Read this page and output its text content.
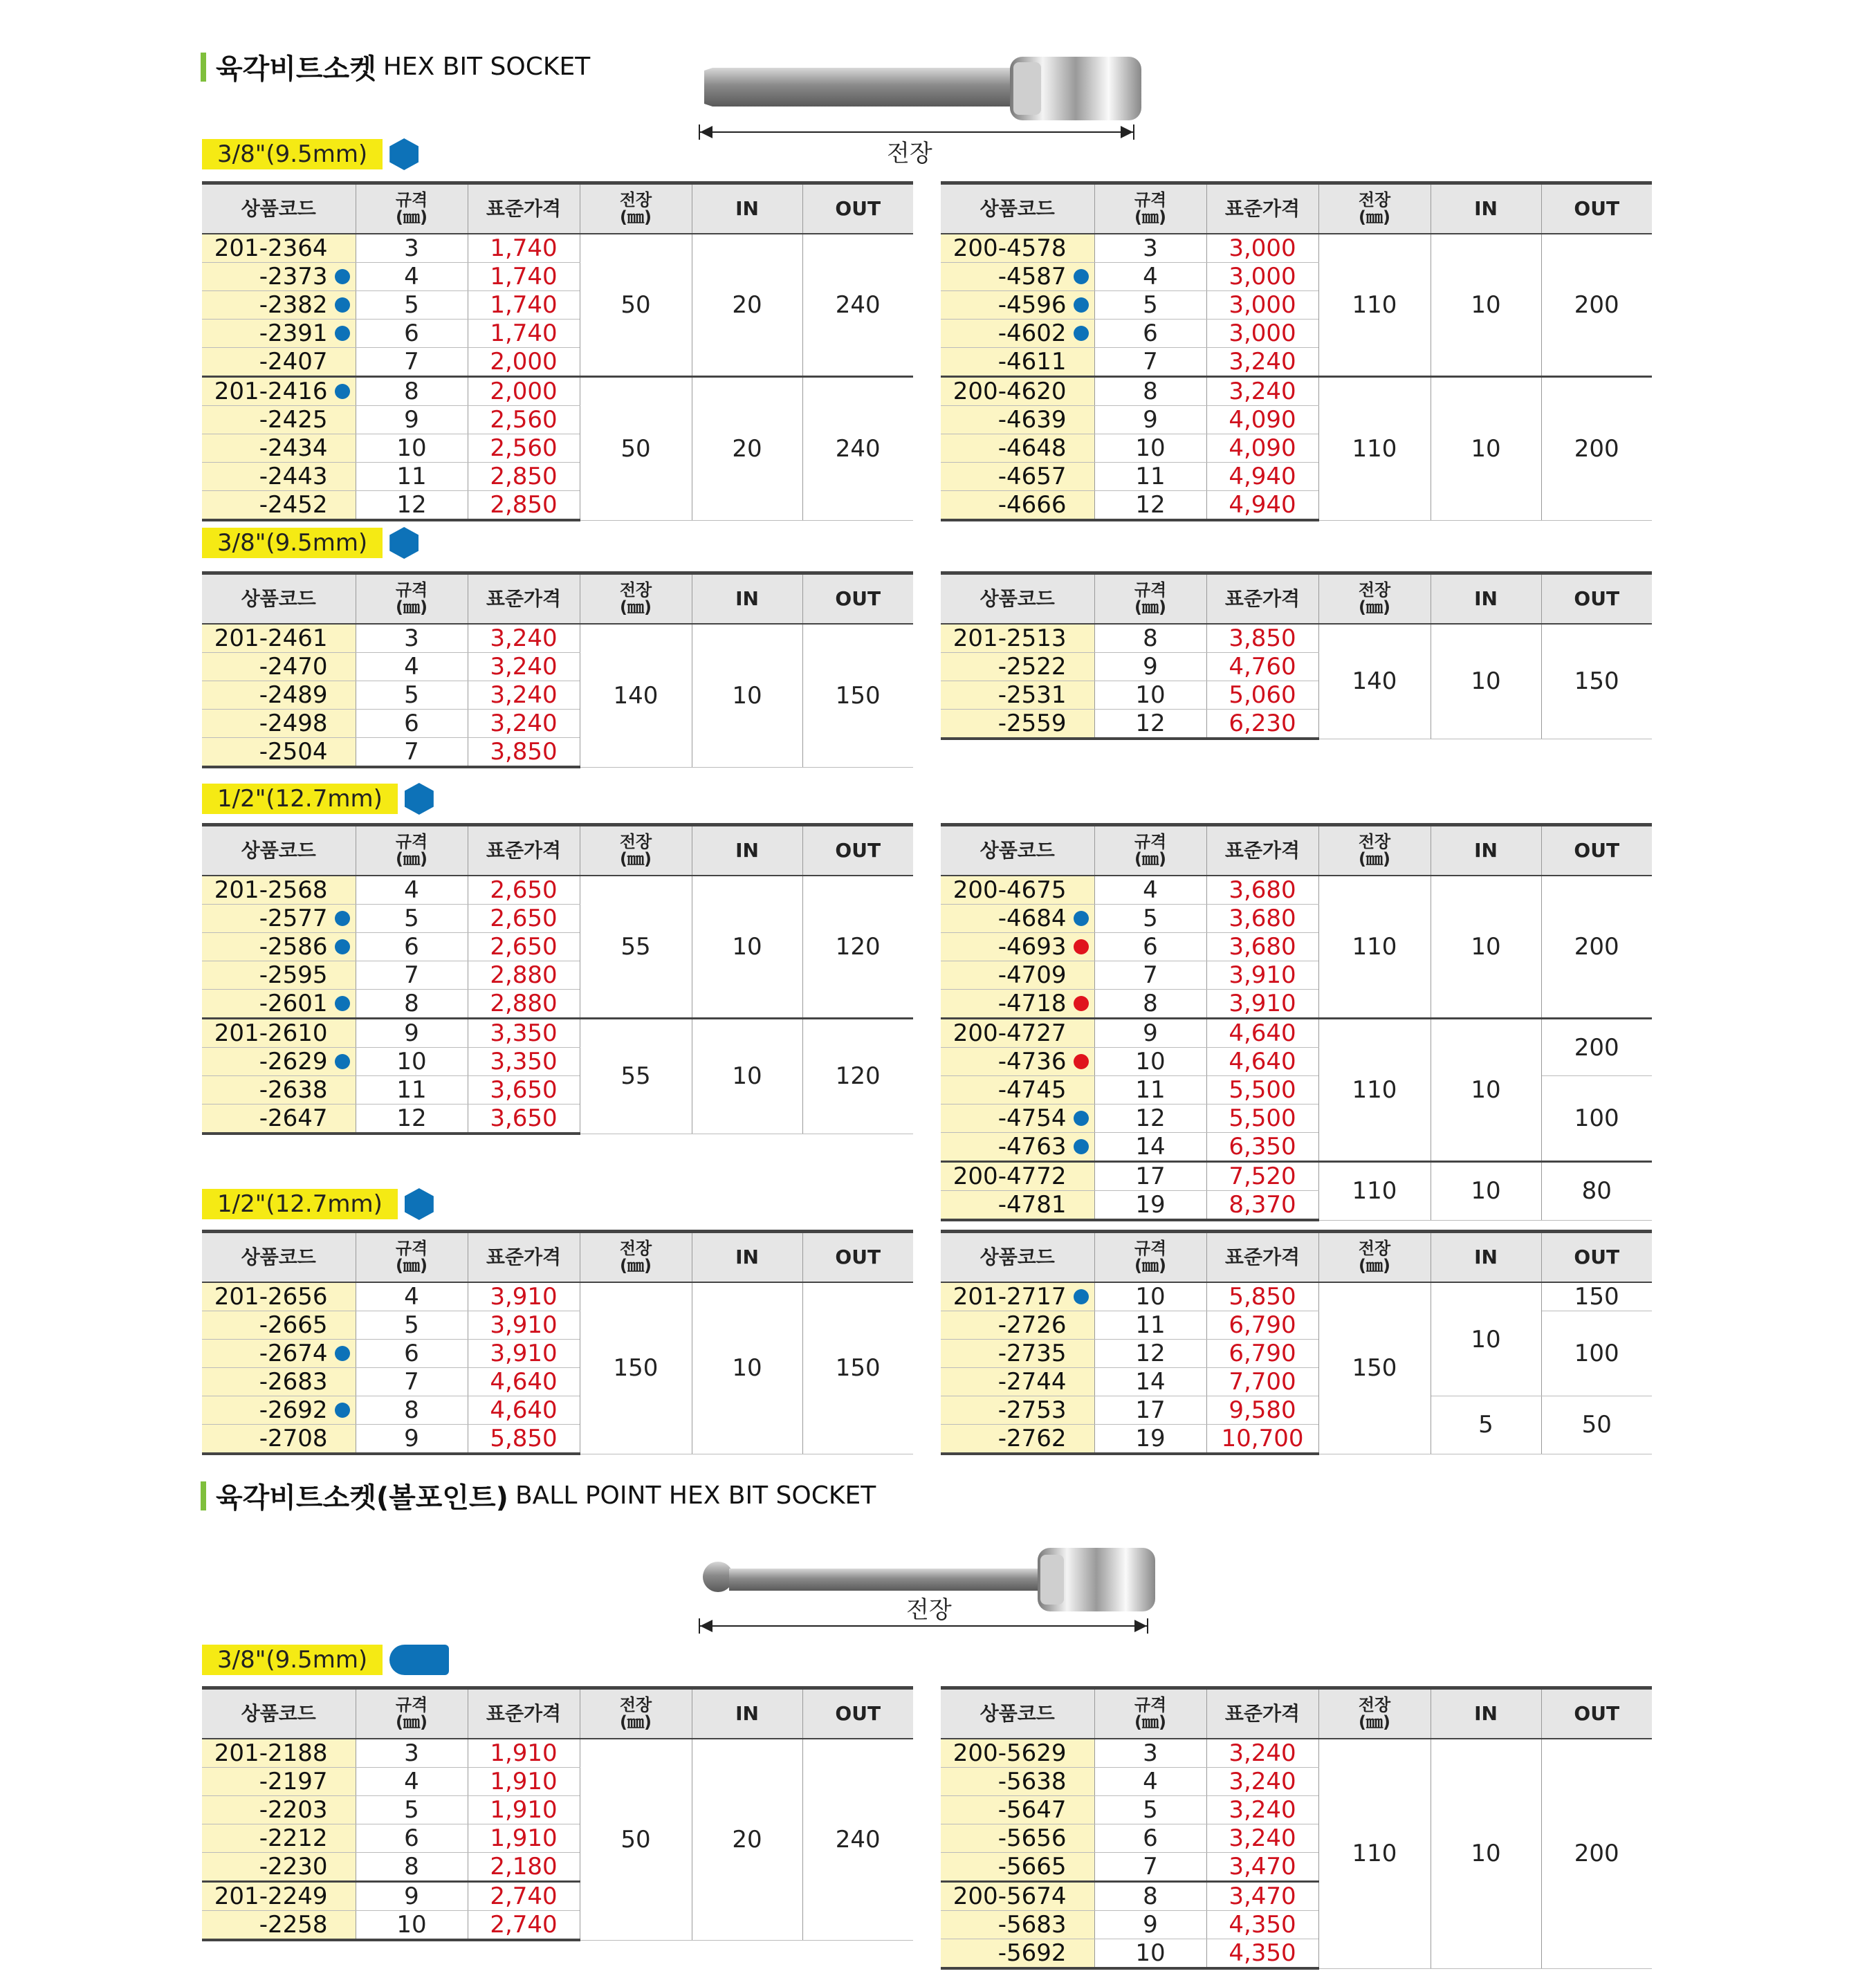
육각비트소켓 HEX BIT SOCKET
전장
3/8"(9.5mm)
상품코드	규격
(㎜)	표준가격	전장
(㎜)	IN	OUT
201-2364	3	1,740	50	20	240
-2373	4	1,740			
-2382	5	1,740			
-2391	6	1,740			
-2407	7	2,000			
201-2416	8	2,000	50	20	240
-2425	9	2,560			
-2434	10	2,560			
-2443	11	2,850			
-2452	12	2,850			
상품코드	규격
(㎜)	표준가격	전장
(㎜)	IN	OUT
200-4578	3	3,000	110	10	200
-4587	4	3,000			
-4596	5	3,000			
-4602	6	3,000			
-4611	7	3,240			
200-4620	8	3,240	110	10	200
-4639	9	4,090			
-4648	10	4,090			
-4657	11	4,940			
-4666	12	4,940			
3/8"(9.5mm)
상품코드	규격
(㎜)	표준가격	전장
(㎜)	IN	OUT
201-2461	3	3,240	140	10	150
-2470	4	3,240			
-2489	5	3,240			
-2498	6	3,240			
-2504	7	3,850			
상품코드	규격
(㎜)	표준가격	전장
(㎜)	IN	OUT
201-2513	8	3,850	140	10	150
-2522	9	4,760			
-2531	10	5,060			
-2559	12	6,230			
1/2"(12.7mm)
상품코드	규격
(㎜)	표준가격	전장
(㎜)	IN	OUT
201-2568	4	2,650	55	10	120
-2577	5	2,650			
-2586	6	2,650			
-2595	7	2,880			
-2601	8	2,880			
201-2610	9	3,350	55	10	120
-2629	10	3,350			
-2638	11	3,650			
-2647	12	3,650			
상품코드	규격
(㎜)	표준가격	전장
(㎜)	IN	OUT
200-4675	4	3,680	110	10	200
-4684	5	3,680			
-4693	6	3,680			
-4709	7	3,910			
-4718	8	3,910			
200-4727	9	4,640	110	10	200
-4736	10	4,640			
-4745	11	5,500			100
-4754	12	5,500			
-4763	14	6,350			
200-4772	17	7,520	110	10	80
-4781	19	8,370			
1/2"(12.7mm)
상품코드	규격
(㎜)	표준가격	전장
(㎜)	IN	OUT
201-2656	4	3,910	150	10	150
-2665	5	3,910			
-2674	6	3,910			
-2683	7	4,640			
-2692	8	4,640			
-2708	9	5,850			
상품코드	규격
(㎜)	표준가격	전장
(㎜)	IN	OUT
201-2717	10	5,850	150	10	150
-2726	11	6,790			100
-2735	12	6,790			
-2744	14	7,700			
-2753	17	9,580		5	50
-2762	19	10,700			
육각비트소켓(볼포인트) BALL POINT HEX BIT SOCKET
전장
3/8"(9.5mm)
상품코드	규격
(㎜)	표준가격	전장
(㎜)	IN	OUT
201-2188	3	1,910	50	20	240
-2197	4	1,910			
-2203	5	1,910			
-2212	6	1,910			
-2230	8	2,180			
201-2249	9	2,740			
-2258	10	2,740			
상품코드	규격
(㎜)	표준가격	전장
(㎜)	IN	OUT
200-5629	3	3,240	110	10	200
-5638	4	3,240			
-5647	5	3,240			
-5656	6	3,240			
-5665	7	3,470			
200-5674	8	3,470			
-5683	9	4,350			
-5692	10	4,350			
